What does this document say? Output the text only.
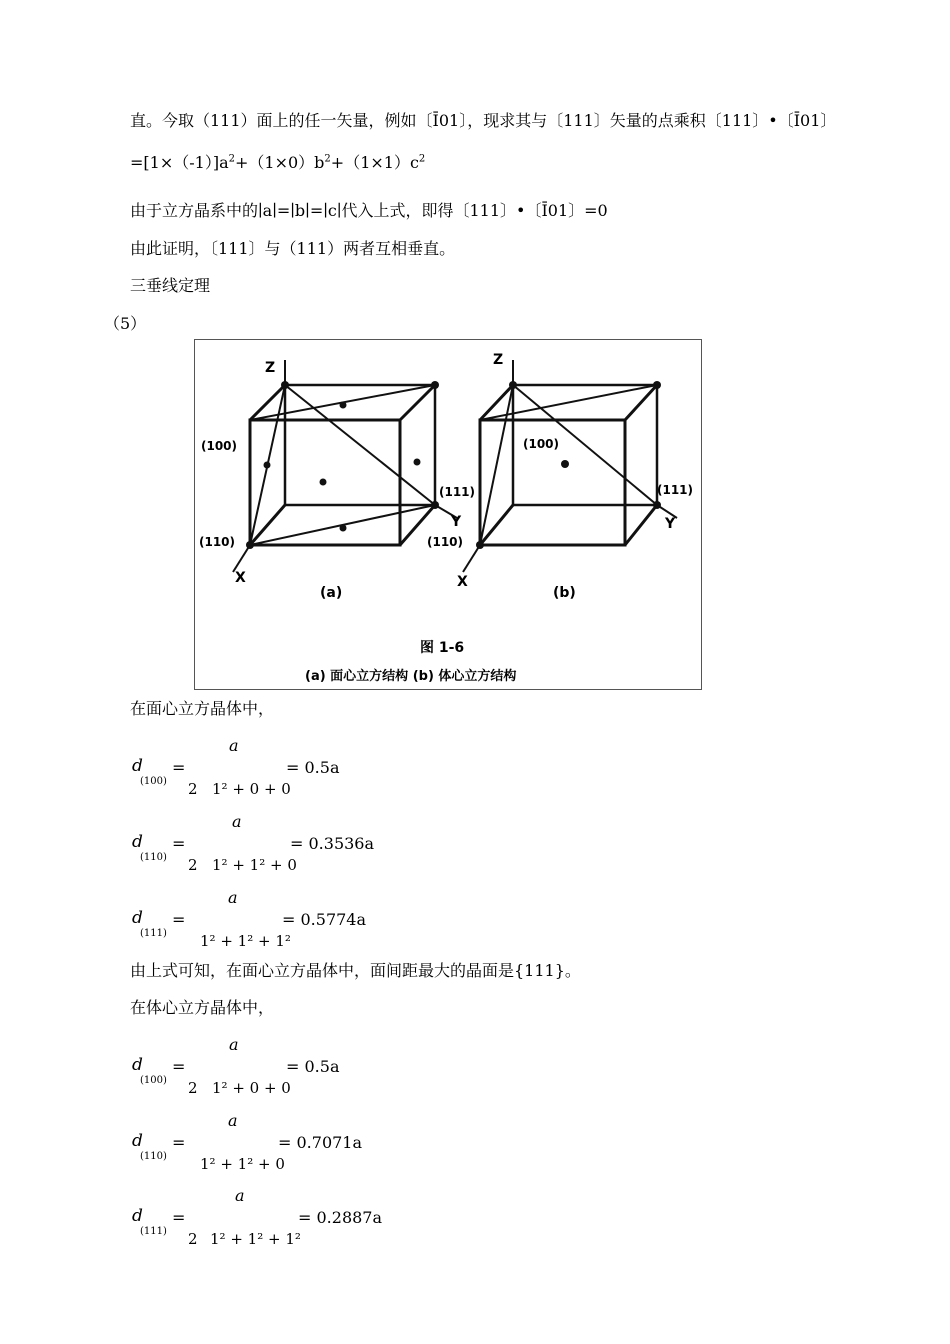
直。今取（111）面上的任一矢量，例如〔Ī01〕，现求其与〔111〕矢量的点乘积〔111〕•〔Ī01〕
$=[1\times(-1)]a^2+(1\times 0)b^2+(1\times 1)c^2$
由于立方晶系中的∣a∣=∣b∣=∣c∣代入上式，即得〔111〕•〔Ī01〕=0
由此证明，〔111〕与（111）两者互相垂直。
三垂线定理
（5）
Z
(100)
(111)
Y
(110)
X
(a)
Z
(100)
(111)
Y
(110)
X
(b)
图 1-6
(a) 面心立方结构 (b) 体心立方结构
在面心立方晶体中，
d
(100)
=
a
2 1² + 0 + 0
= 0.5a
d
(110)
=
a
2 1² + 1² + 0
= 0.3536a
d
(111)
=
a
1² + 1² + 1²
= 0.5774a
由上式可知，在面心立方晶体中，面间距最大的晶面是{111}。
在体心立方晶体中，
d
(100)
=
a
2 1² + 0 + 0
= 0.5a
d
(110)
=
a
1² + 1² + 0
= 0.7071a
d
(111)
=
a
2 1² + 1² + 1²
= 0.2887a
